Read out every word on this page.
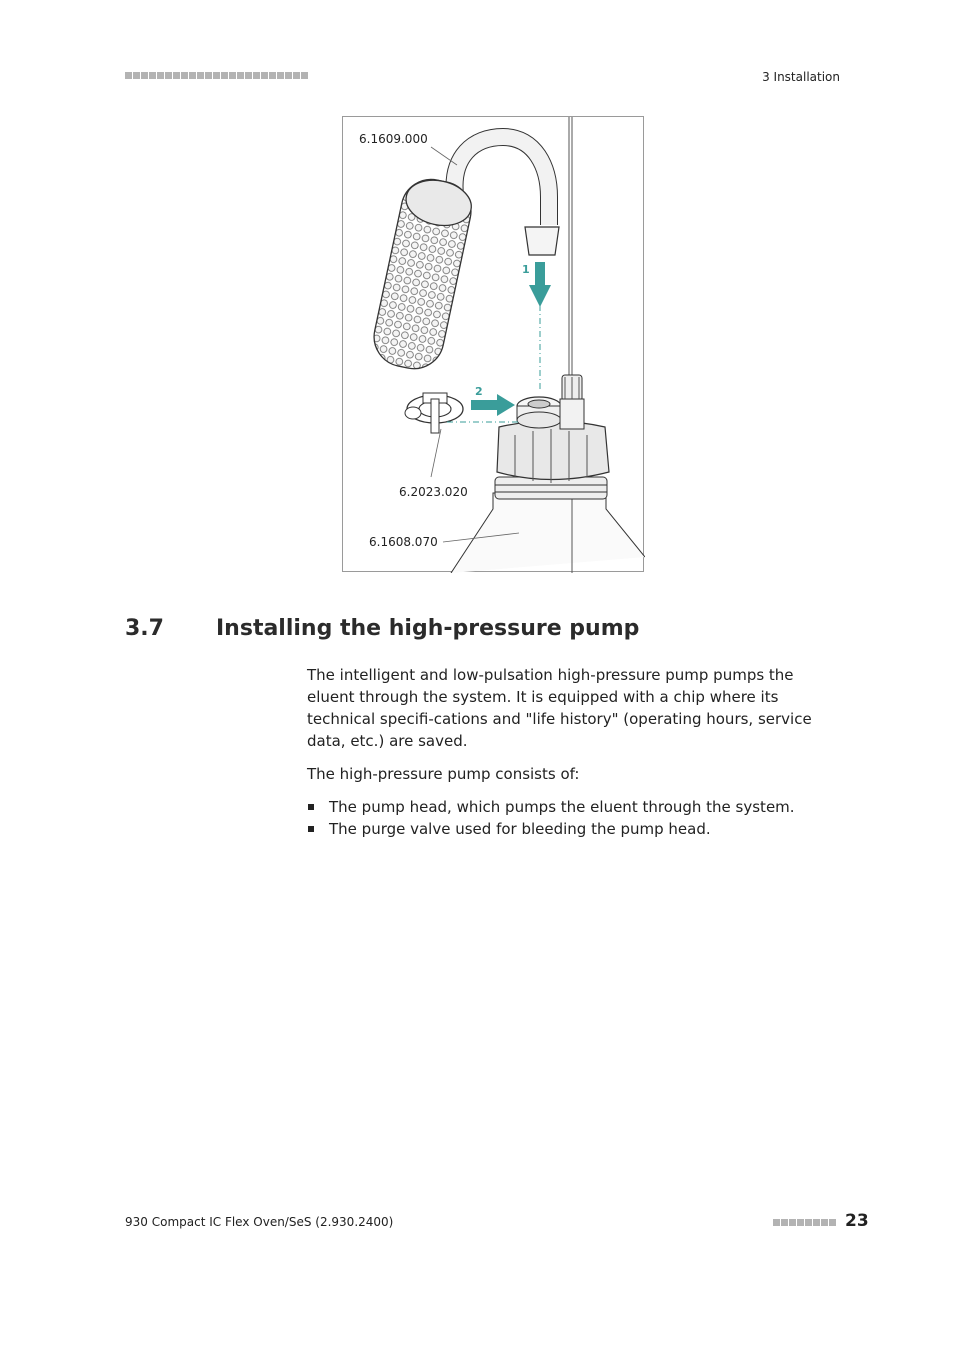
3 Installation
6.1609.000
6.2023.020
6.1608.070
1
2
3.7 Installing the high-pressure pump

The intelligent and low-pulsation high-pressure pump pumps the eluent through the system. It is equipped with a chip where its technical specifi-cations and "life history" (operating hours, service data, etc.) are saved.

The high-pressure pump consists of:

The pump head, which pumps the eluent through the system.
The purge valve used for bleeding the pump head.
930 Compact IC Flex Oven/SeS (2.930.2400)	23
